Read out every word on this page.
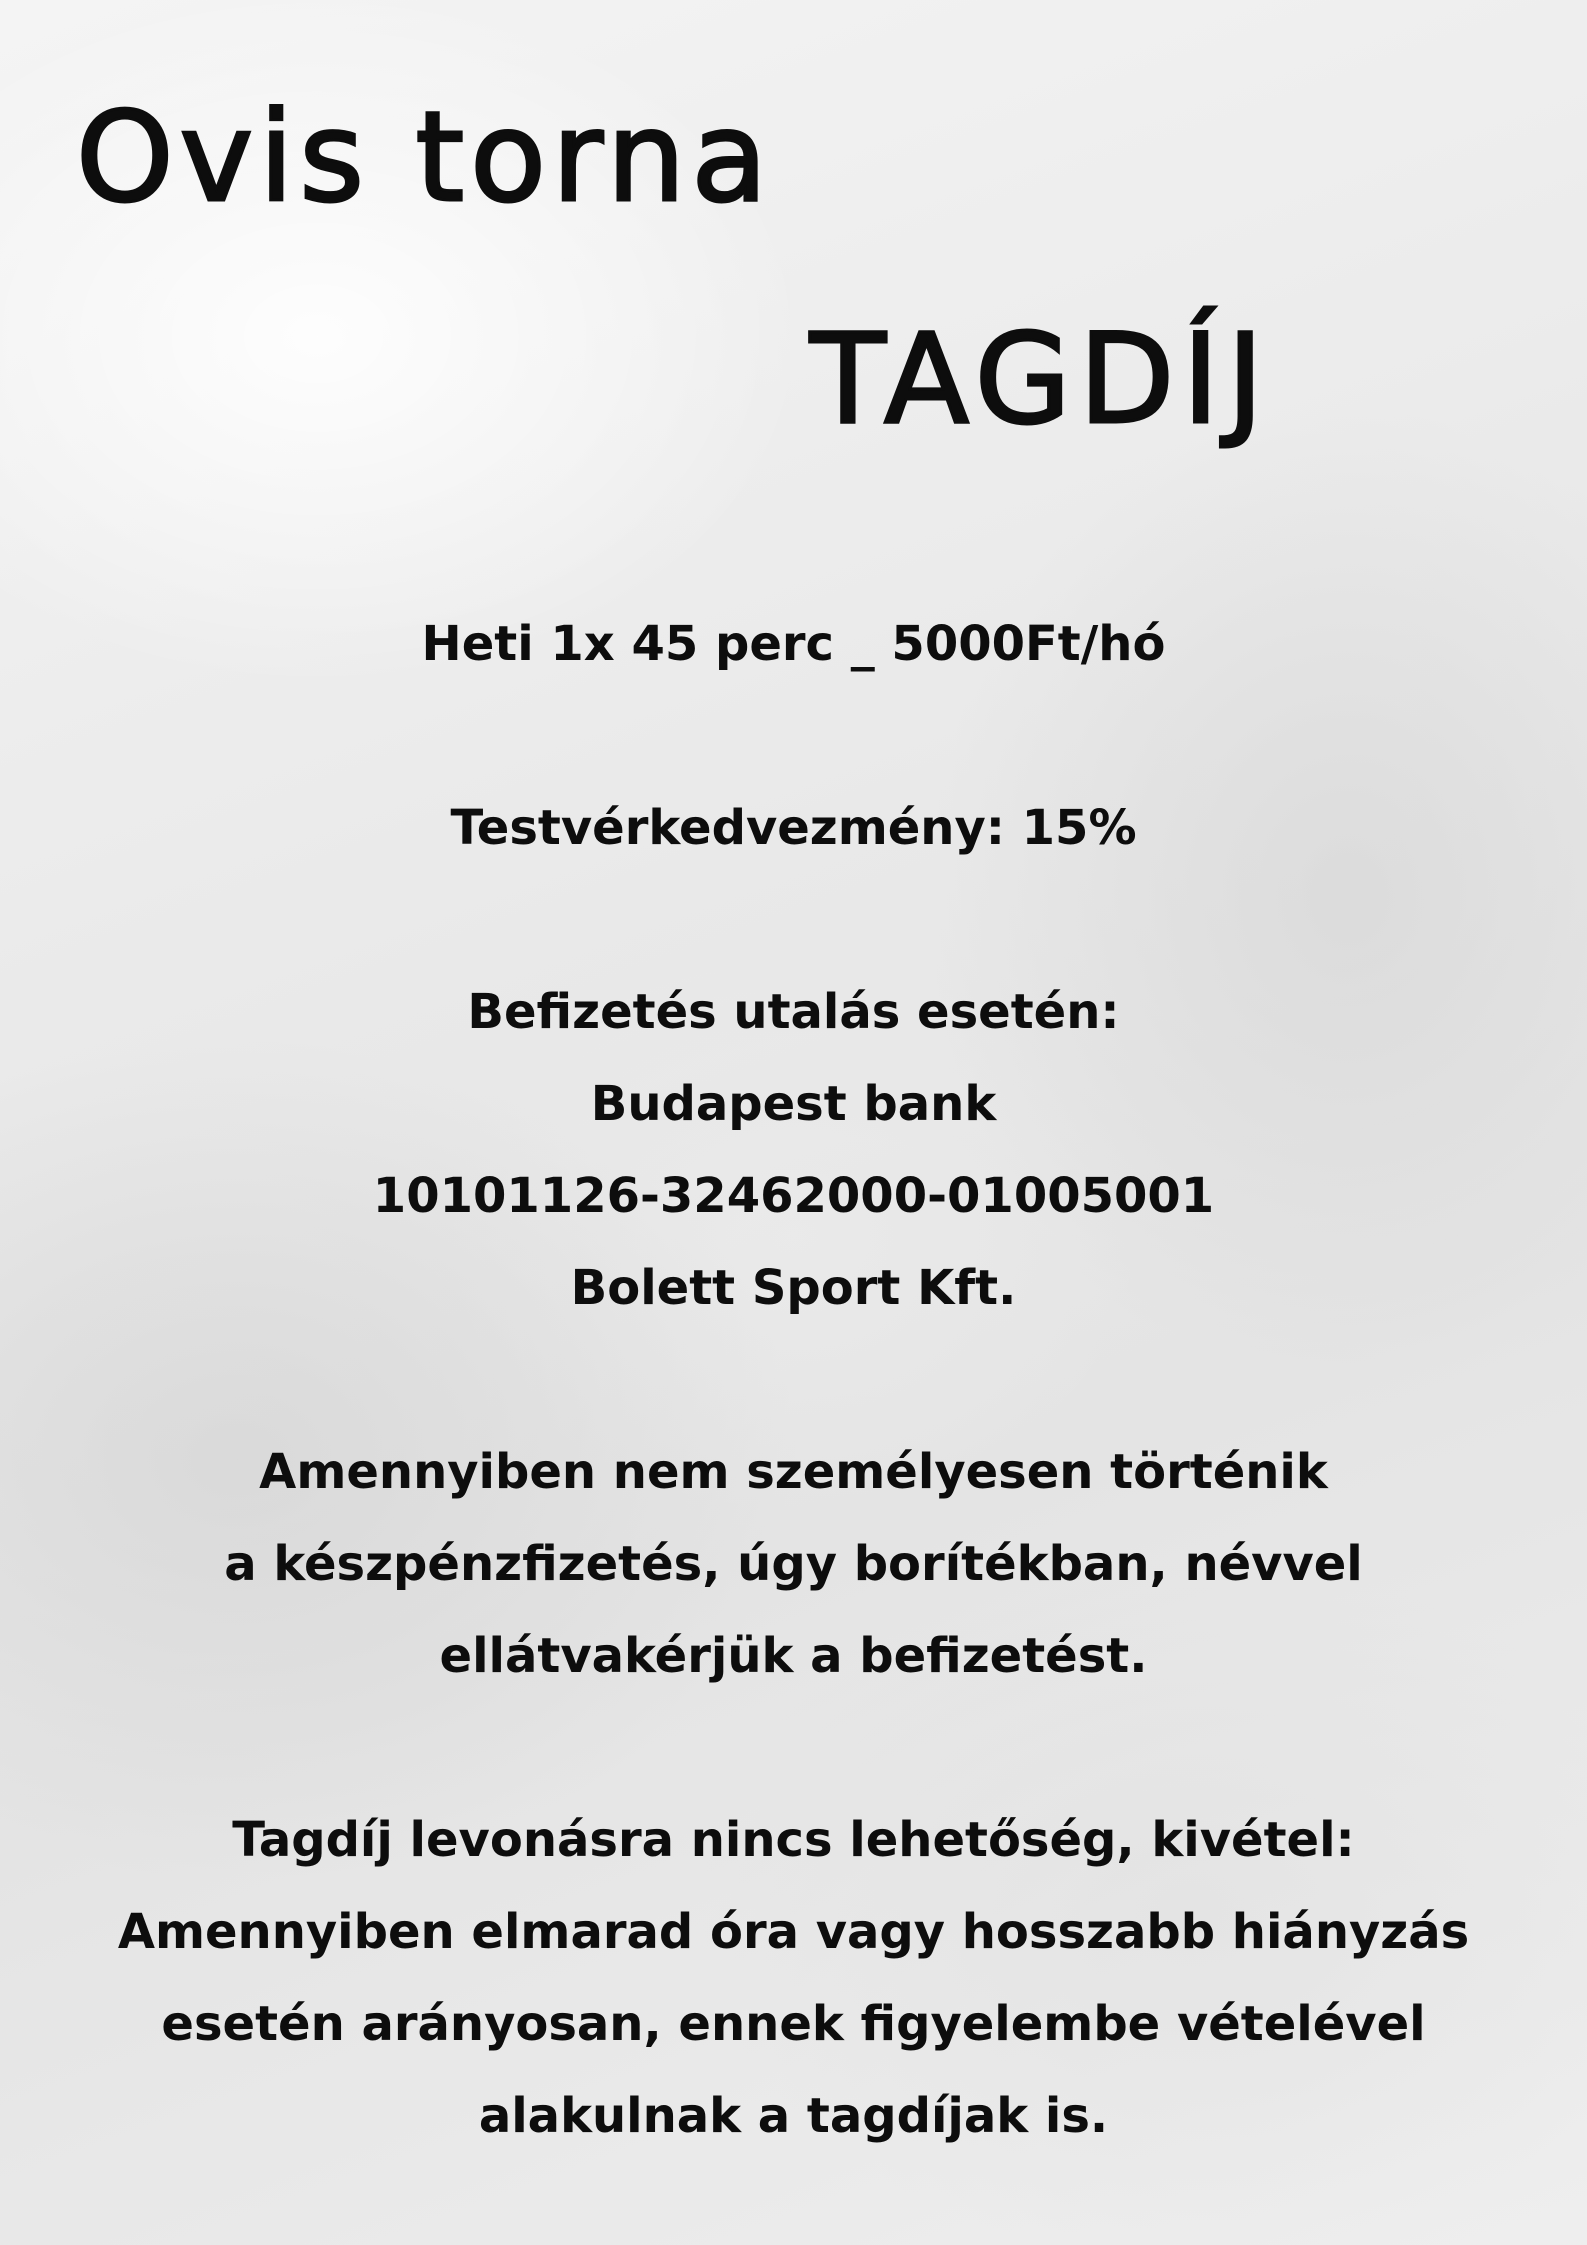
Ovis torna
TAGDÍJ

Heti 1x 45 perc _ 5000Ft/hó

Testvérkedvezmény: 15%

Befizetés utalás esetén:

Budapest bank

10101126-32462000-01005001

Bolett Sport Kft.

Amennyiben nem személyesen történik

a készpénzfizetés, úgy borítékban, névvel

ellátvakérjük a befizetést.

Tagdíj levonásra nincs lehetőség, kivétel:

Amennyiben elmarad óra vagy hosszabb hiányzás

esetén arányosan, ennek figyelembe vételével

alakulnak a tagdíjak is.
